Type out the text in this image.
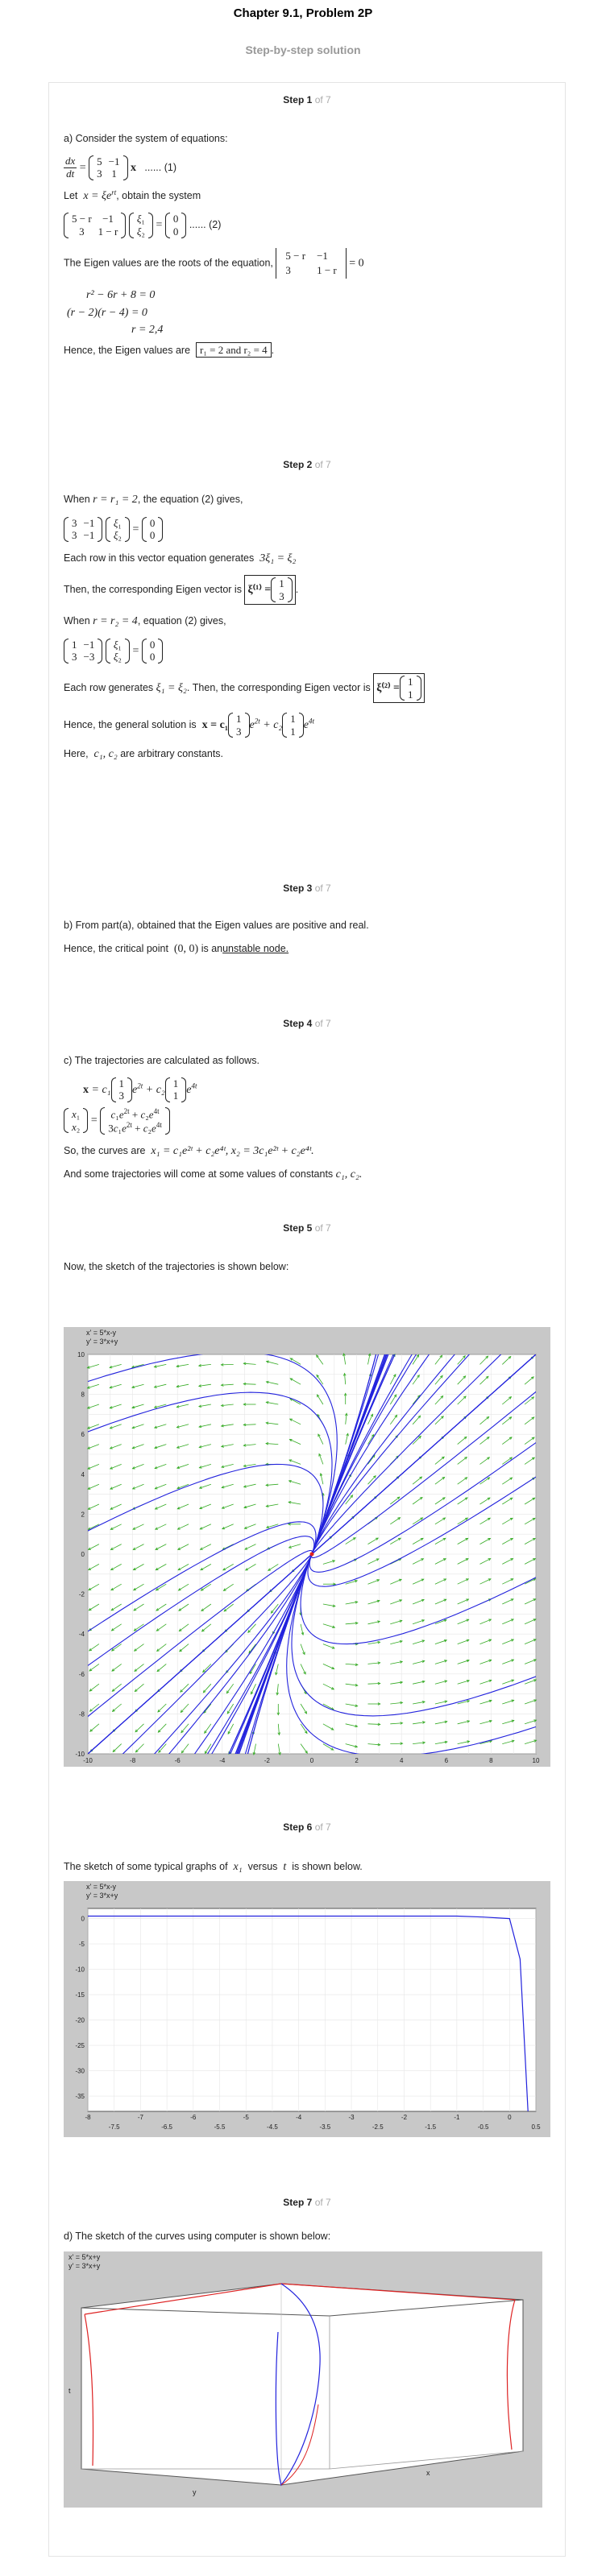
Chapter 9.1, Problem 2P
Step-by-step solution
Step 1 of 7
a) Consider the system of equations:
$\frac{dx}{dt}$ =
5	−1
3	1
x ...... (1)
Let $x = \xi e^{rt}$, obtain the system
5 − r	−1
3	1 − r

ξ₁
ξ₂
=
0
0
...... (2)
The Eigen values are the roots of the equation,
5 − r	−1
3	1 − r
= 0
r² − 6r + 8 = 0
(r − 2)(r − 4) = 0
r = 2,4
Hence, the Eigen values are r₁ = 2 and r₂ = 4 .
Step 2 of 7
When r = r₁ = 2, the equation (2) gives,
3	−1
3	−1

ξ₁
ξ₂
=
0
0
Each row in this vector equation generates 3ξ₁ = ξ₂
Then, the corresponding Eigen vector is ξ⁽¹⁾ =
1
3
.
When r = r₂ = 4, equation (2) gives,
1	−1
3	−3

ξ₁
ξ₂
=
0
0
Each row generates ξ₁ = ξ₂. Then, the corresponding Eigen vector is ξ⁽²⁾ =
1
1
Hence, the general solution is x = c₁
1
3
$e^{2t} + c_2$
1
1
$e^{4t}$
Here, c₁, c₂ are arbitrary constants.
Step 3 of 7
b) From part(a), obtained that the Eigen values are positive and real.
Hence, the critical point (0, 0) is anunstable node.
Step 4 of 7
c) The trajectories are calculated as follows.
x = c₁
1
3
$e^{2t} + c_2$
1
1
$e^{4t}$
x₁
x₂
=
$c_1e^{2t} + c_2e^{4t}$
$3c_1e^{2t} + c_2e^{4t}$
So, the curves are x₁ = c₁e²ᵗ + c₂e⁴ᵗ, x₂ = 3c₁e²ᵗ + c₂e⁴ᵗ.
And some trajectories will come at some values of constants c₁, c₂.
Step 5 of 7
Now, the sketch of the trajectories is shown below:
x' = 5*x-y
y' = 3*x+y
-10	-8	-6	-4	-2	0	2	4	6	8	10
10
8
6
4
2
0
-2
-4
-6
-8
-10
Step 6 of 7
The sketch of some typical graphs of x₁ versus t is shown below.
x' = 5*x-y
y' = 3*x+y
0
-5
-10
-15
-20
-25
-30
-35
-8	-7	-6	-5	-4	-3	-2	-1	0
-7.5	-6.5	-5.5	-4.5	-3.5	-2.5	-1.5	-0.5	0.5
Step 7 of 7
d) The sketch of the curves using computer is shown below:
x' = 5*x+y
y' = 3*x+y
t
y
x
